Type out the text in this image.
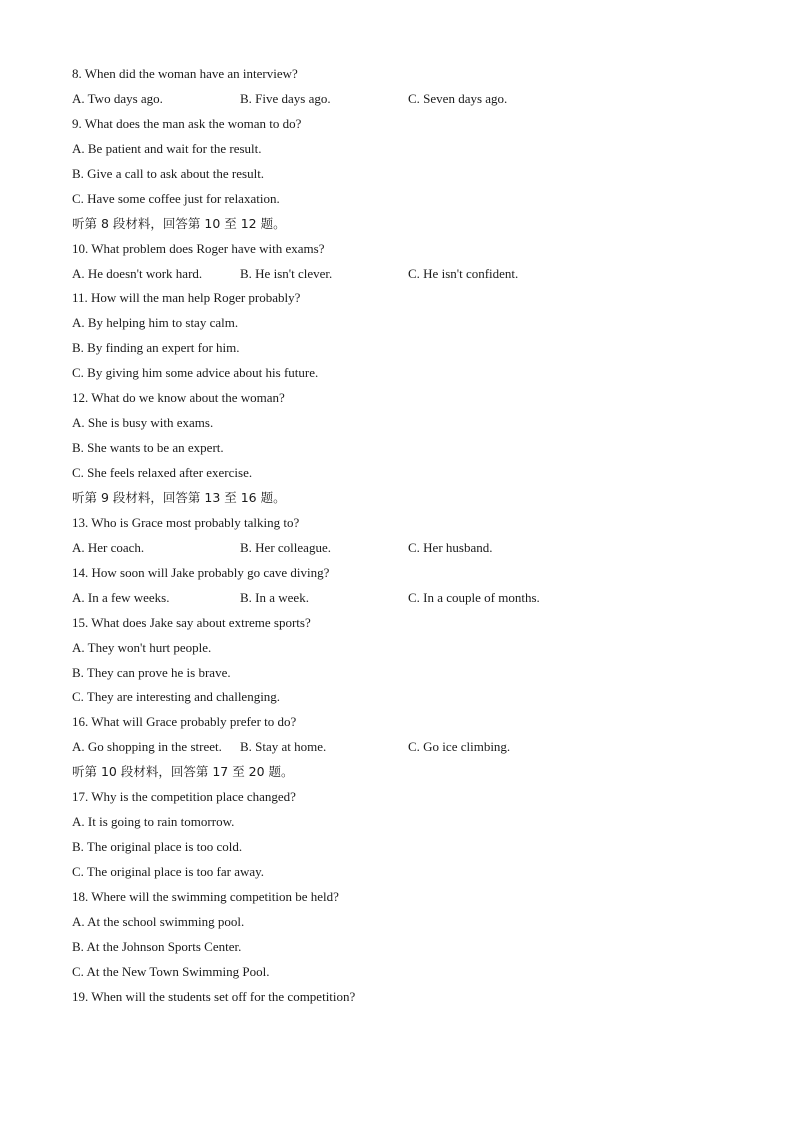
8. When did the woman have an interview?
A. Two days ago.	B. Five days ago.	C. Seven days ago.
9. What does the man ask the woman to do?
A. Be patient and wait for the result.
B. Give a call to ask about the result.
C. Have some coffee just for relaxation.
听第 8 段材料，回答第 10 至 12 题。
10. What problem does Roger have with exams?
A. He doesn't work hard.	B. He isn't clever.	C. He isn't confident.
11. How will the man help Roger probably?
A. By helping him to stay calm.
B. By finding an expert for him.
C. By giving him some advice about his future.
12. What do we know about the woman?
A. She is busy with exams.
B. She wants to be an expert.
C. She feels relaxed after exercise.
听第 9 段材料，回答第 13 至 16 题。
13. Who is Grace most probably talking to?
A. Her coach.	B. Her colleague.	C. Her husband.
14. How soon will Jake probably go cave diving?
A. In a few weeks.	B. In a week.	C. In a couple of months.
15. What does Jake say about extreme sports?
A. They won't hurt people.
B. They can prove he is brave.
C. They are interesting and challenging.
16. What will Grace probably prefer to do?
A. Go shopping in the street. B. Stay at home.	C. Go ice climbing.
听第 10 段材料，回答第 17 至 20 题。
17. Why is the competition place changed?
A. It is going to rain tomorrow.
B. The original place is too cold.
C. The original place is too far away.
18. Where will the swimming competition be held?
A. At the school swimming pool.
B. At the Johnson Sports Center.
C. At the New Town Swimming Pool.
19. When will the students set off for the competition?
